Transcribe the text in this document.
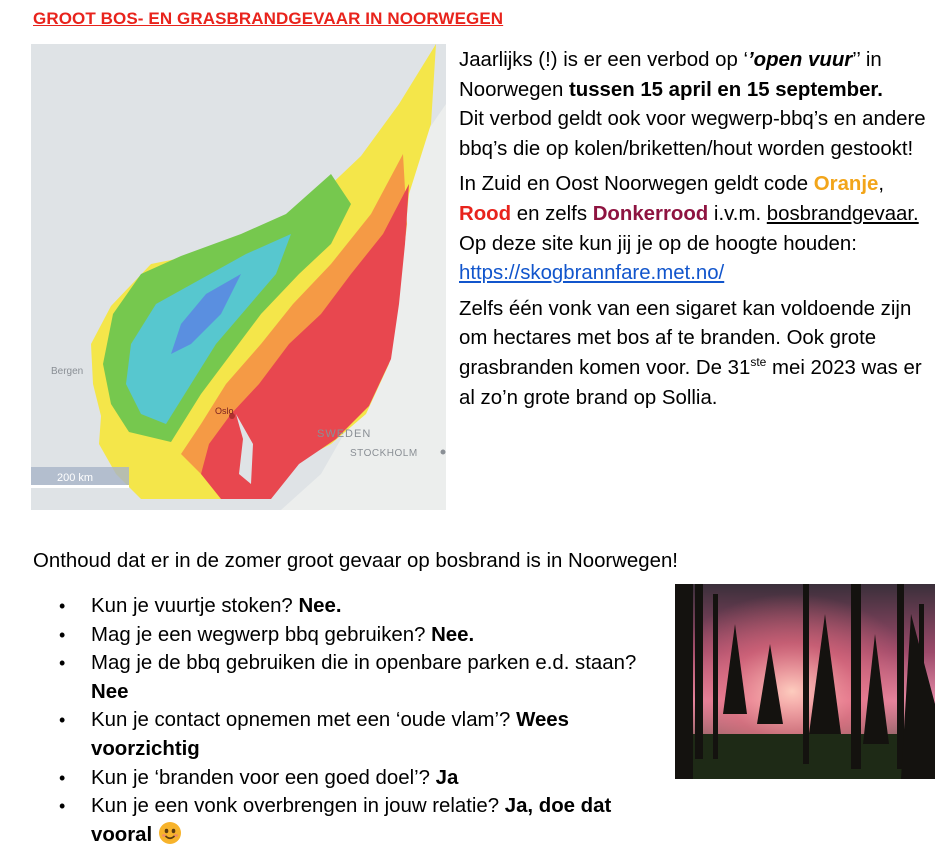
GROOT BOS- EN GRASBRANDGEVAAR IN NOORWEGEN
Bergen
Oslo
SWEDEN
STOCKHOLM
200 km

Jaarlijks (!) is er een verbod op ‘’open vuur’’ in Noorwegen tussen 15 april en 15 september.
Dit verbod geldt ook voor wegwerp-bbq’s en andere bbq’s die op kolen/briketten/hout worden gestookt!

In Zuid en Oost Noorwegen geldt code Oranje, Rood en zelfs Donkerrood i.v.m. bosbrandgevaar.
Op deze site kun jij je op de hoogte houden: https://skogbrannfare.met.no/

Zelfs één vonk van een sigaret kan voldoende zijn om hectares met bos af te branden. Ook grote grasbranden komen voor. De 31ste mei 2023 was er al zo’n grote brand op Sollia.

Onthoud dat er in de zomer groot gevaar op bosbrand is in Noorwegen!
• Kun je vuurtje stoken? Nee.
• Mag je een wegwerp bbq gebruiken? Nee.
• Mag je de bbq gebruiken die in openbare parken e.d. staan? Nee
• Kun je contact opnemen met een ‘oude vlam’? Wees voorzichtig
• Kun je ‘branden voor een goed doel’? Ja
• Kun je een vonk overbrengen in jouw relatie? Ja, doe dat vooral
